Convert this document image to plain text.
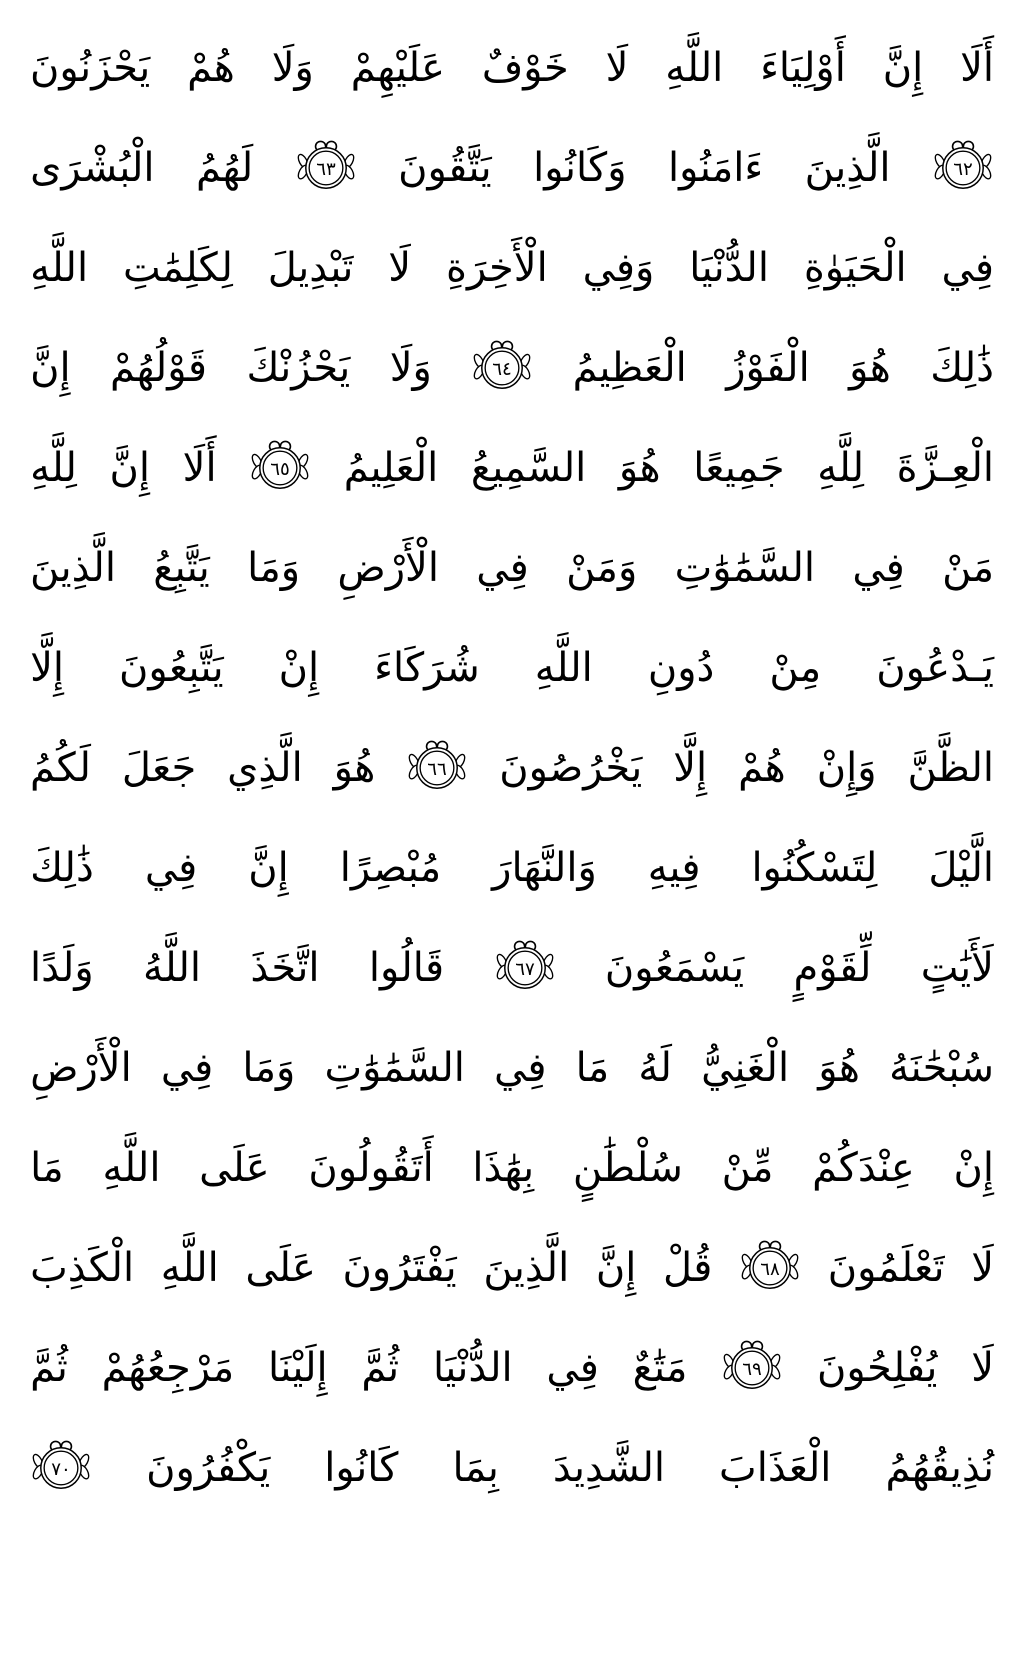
أَلَا
إِنَّ
أَوْلِيَاءَ
اللَّهِ
لَا
خَوْفٌ
عَلَيْهِمْ
وَلَا
هُمْ
يَحْزَنُونَ
٦٢
الَّذِينَ
ءَامَنُوا
وَكَانُوا
يَتَّقُونَ
٦٣
لَهُمُ
الْبُشْرَى
فِي
الْحَيَوٰةِ
الدُّنْيَا
وَفِي
الْأَخِرَةِ
لَا
تَبْدِيلَ
لِكَلِمَٰتِ
اللَّهِ
ذَٰلِكَ
هُوَ
الْفَوْزُ
الْعَظِيمُ
٦٤
وَلَا
يَحْزُنْكَ
قَوْلُهُمْ
إِنَّ
الْعِـزَّةَ
لِلَّهِ
جَمِيعًا
هُوَ
السَّمِيعُ
الْعَلِيمُ
٦٥
أَلَا
إِنَّ
لِلَّهِ
مَنْ
فِي
السَّمَٰوَٰتِ
وَمَنْ
فِي
الْأَرْضِ
وَمَا
يَتَّبِعُ
الَّذِينَ
يَـدْعُونَ
مِنْ
دُونِ
اللَّهِ
شُرَكَاءَ
إِنْ
يَتَّبِعُونَ
إِلَّا
الظَّنَّ
وَإِنْ
هُمْ
إِلَّا
يَخْرُصُونَ
٦٦
هُوَ
الَّذِي
جَعَلَ
لَكُمُ
الَّيْلَ
لِتَسْكُنُوا
فِيهِ
وَالنَّهَارَ
مُبْصِرًا
إِنَّ
فِي
ذَٰلِكَ
لَأَيَٰتٍ
لِّقَوْمٍ
يَسْمَعُونَ
٦٧
قَالُوا
اتَّخَذَ
اللَّهُ
وَلَدًا
سُبْحَٰنَهُ
هُوَ
الْغَنِيُّ
لَهُ
مَا
فِي
السَّمَٰوَٰتِ
وَمَا
فِي
الْأَرْضِ
إِنْ
عِنْدَكُمْ
مِّنْ
سُلْطَٰنٍ
بِهَٰذَا
أَتَقُولُونَ
عَلَى
اللَّهِ
مَا
لَا
تَعْلَمُونَ
٦٨
قُلْ
إِنَّ
الَّذِينَ
يَفْتَرُونَ
عَلَى
اللَّهِ
الْكَذِبَ
لَا
يُفْلِحُونَ
٦٩
مَتَٰعٌ
فِي
الدُّنْيَا
ثُمَّ
إِلَيْنَا
مَرْجِعُهُمْ
ثُمَّ
نُذِيقُهُمُ
الْعَذَابَ
الشَّدِيدَ
بِمَا
كَانُوا
يَكْفُرُونَ
٧٠
